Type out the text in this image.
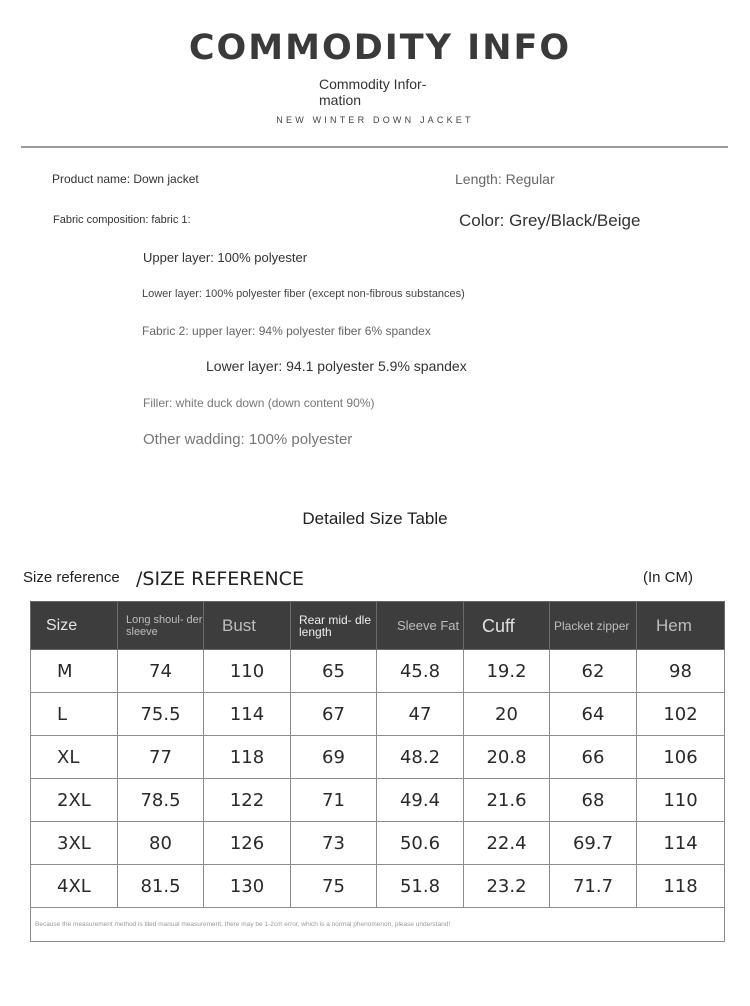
COMMODITY INFO
Commodity Infor- mation
NEW WINTER DOWN JACKET
Product name: Down jacket	Length: Regular
Fabric composition: fabric 1:	Color: Grey/Black/Beige
Upper layer: 100% polyester
Lower layer: 100% polyester fiber (except non-fibrous substances)
Fabric 2: upper layer: 94% polyester fiber 6% spandex
Lower layer: 94.1 polyester 5.9% spandex
Filler: white duck down (down content 90%)
Other wadding: 100% polyester
Detailed Size Table
Size reference /SIZE REFERENCE	(In CM)
Size	Long shoul- der sleeve	Bust	Rear mid- dle length	Sleeve Fat	Cuff	Placket zipper	Hem
M	74	110	65	45.8	19.2	62	98
L	75.5	114	67	47	20	64	102
XL	77	118	69	48.2	20.8	66	106
2XL	78.5	122	71	49.4	21.6	68	110
3XL	80	126	73	50.6	22.4	69.7	114
4XL	81.5	130	75	51.8	23.2	71.7	118
Because the measurement method is tiled manual measurement, there may be 1-2cm error, which is a normal phenomenon, please understand!							
